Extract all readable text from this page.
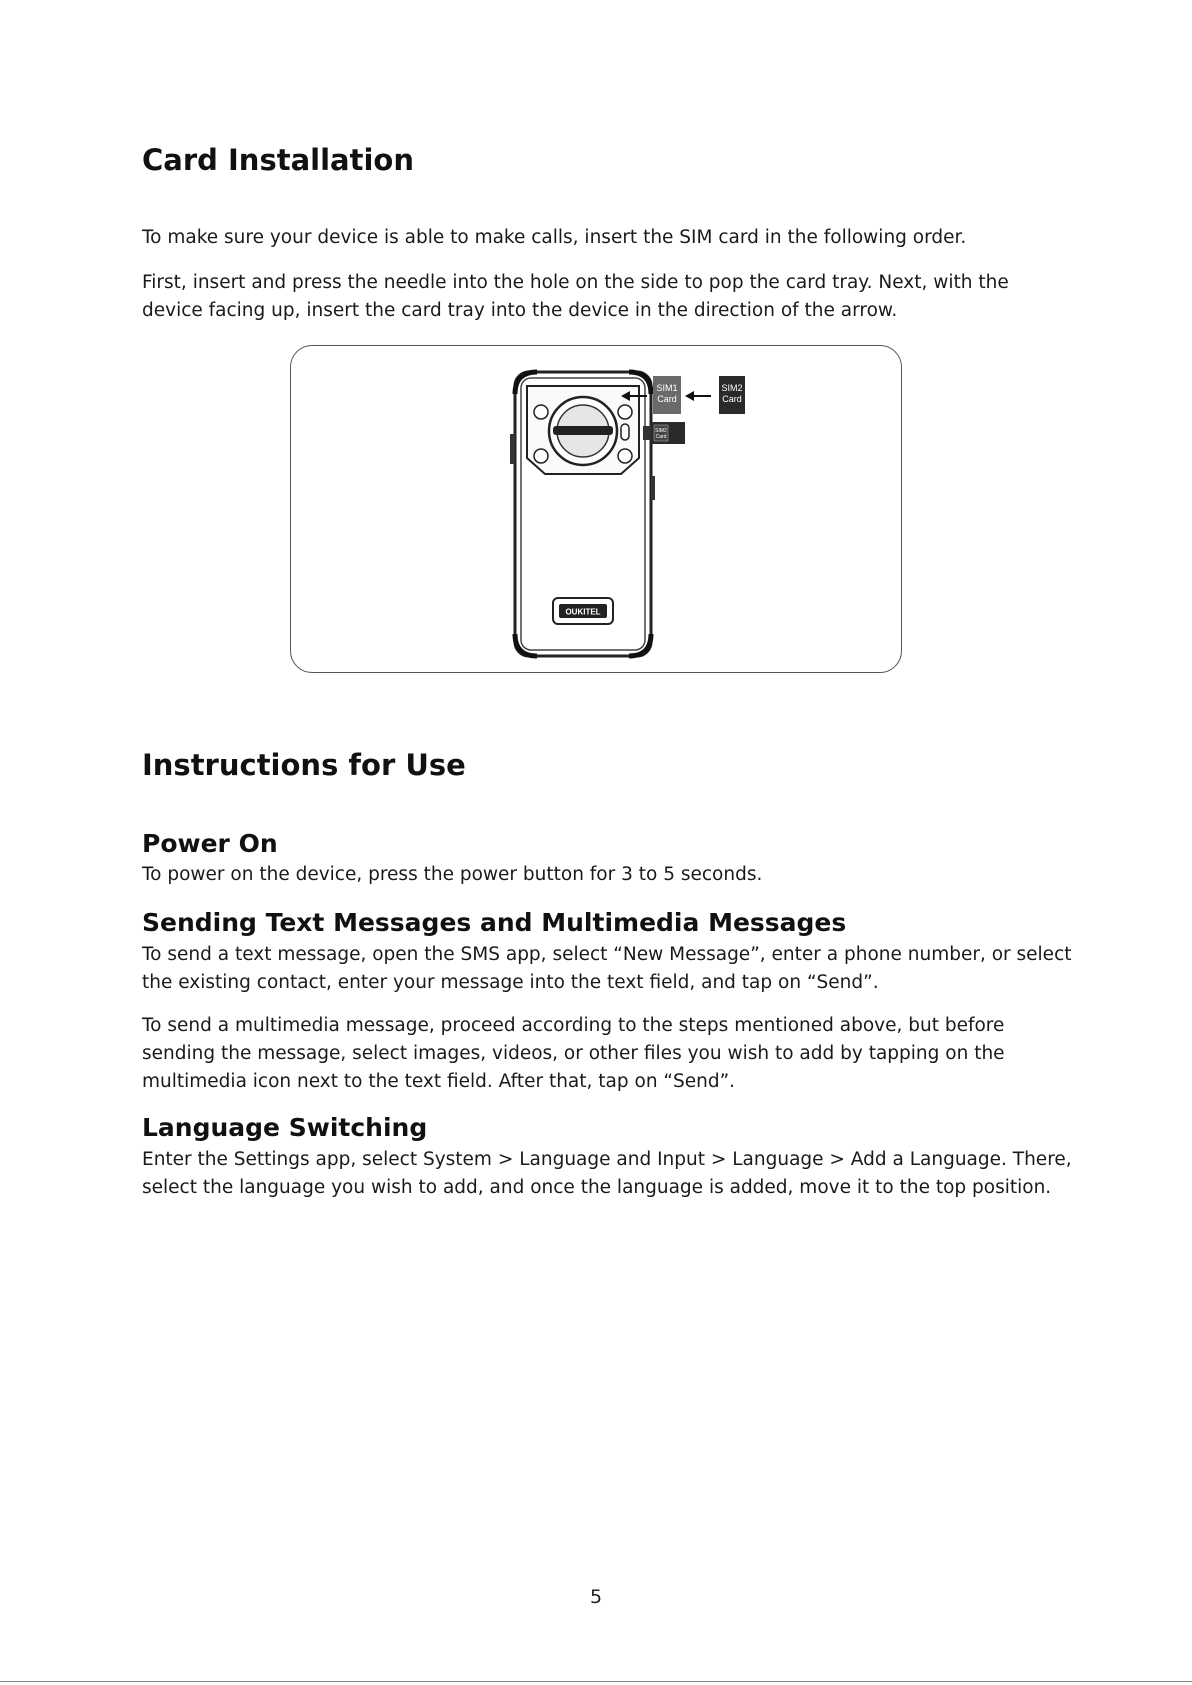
Card Installation

To make sure your device is able to make calls, insert the SIM card in the following order.

First, insert and press the needle into the hole on the side to pop the card tray. Next, with the device facing up, insert the card tray into the device in the direction of the arrow.

OUKITEL
SIM2
Card
SIM1
Card
SIM2
Card
Instructions for Use
Power On

To power on the device, press the power button for 3 to 5 seconds.

Sending Text Messages and Multimedia Messages

To send a text message, open the SMS app, select “New Message”, enter a phone number, or select the existing contact, enter your message into the text field, and tap on “Send”.

To send a multimedia message, proceed according to the steps mentioned above, but before sending the message, select images, videos, or other files you wish to add by tapping on the multimedia icon next to the text field. After that, tap on “Send”.

Language Switching

Enter the Settings app, select System > Language and Input > Language > Add a Language. There, select the language you wish to add, and once the language is added, move it to the top position.

5
